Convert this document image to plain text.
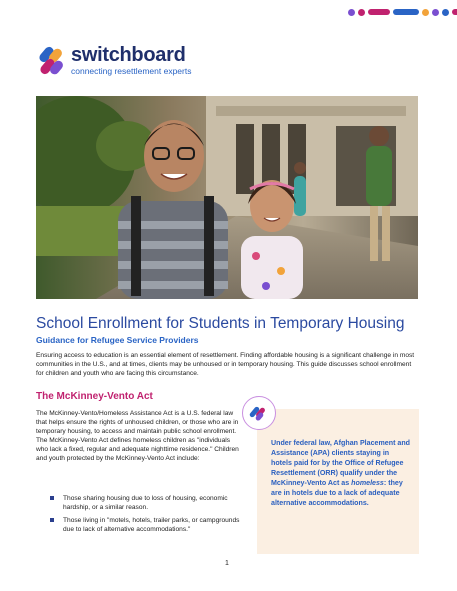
switchboard
connecting resettlement experts
School Enrollment for Students in Temporary Housing
Guidance for Refugee Service Providers

Ensuring access to education is an essential element of resettlement. Finding affordable housing is a significant challenge in most communities in the U.S., and at times, clients may be unhoused or in temporary housing. This guide discusses school enrollment for children and youth who are facing this circumstance.

The McKinney-Vento Act

The McKinney-Vento/Homeless Assistance Act is a U.S. federal law that helps ensure the rights of unhoused children, or those who are in temporary housing, to access and maintain public school enrollment. The McKinney-Vento Act defines homeless children as "individuals who lack a fixed, regular and adequate nighttime residence." Children and youth protected by the McKinney-Vento Act include:

Those sharing housing due to loss of housing, economic hardship, or a similar reason.
Those living in "motels, hotels, trailer parks, or campgrounds due to lack of alternative accommodations."
Under federal law, Afghan Placement and Assistance (APA) clients staying in hotels paid for by the Office of Refugee Resettlement (ORR) qualify under the McKinney-Vento Act as homeless: they are in hotels due to a lack of adequate alternative accommodations.
1
